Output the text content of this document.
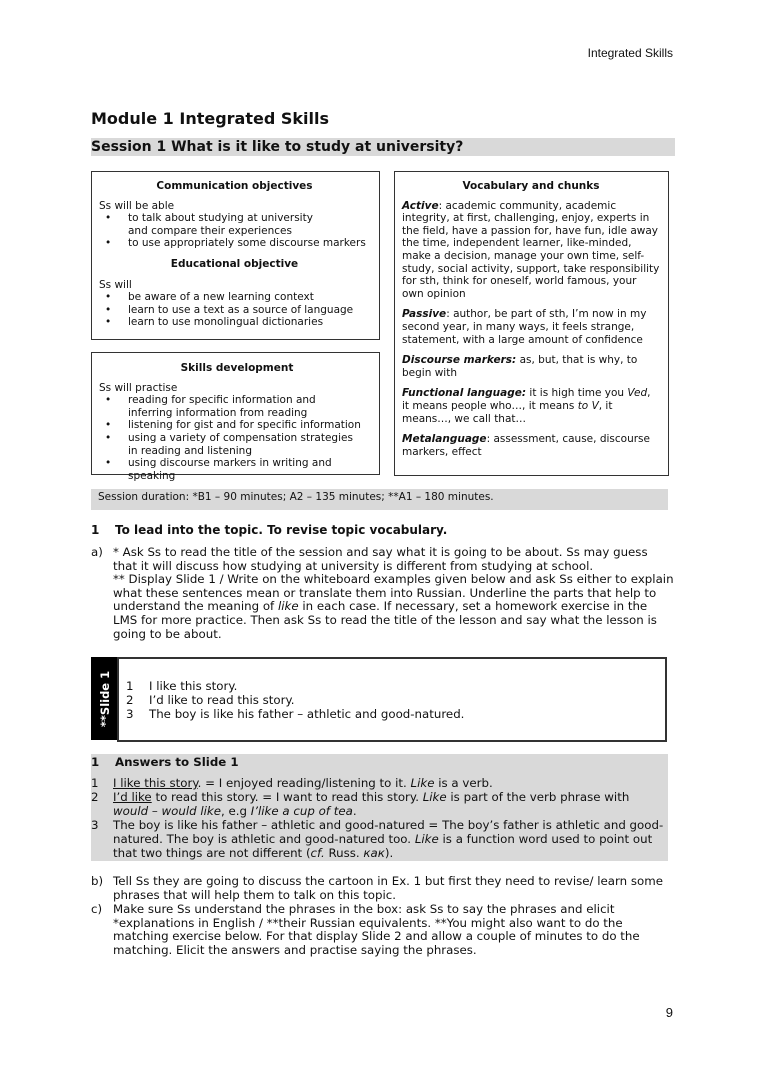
Integrated Skills
Module 1 Integrated Skills
Session 1 What is it like to study at university?
Communication objectives

Ss will be able

• to talk about studying at university and compare their experiences
• to use appropriately some discourse markers
Educational objective

Ss will

• be aware of a new learning context
• learn to use a text as a source of language
• learn to use monolingual dictionaries
Skills development

Ss will practise

• reading for specific information and inferring information from reading
• listening for gist and for specific information
• using a variety of compensation strategies in reading and listening
• using discourse markers in writing and speaking
Vocabulary and chunks

Active: academic community, academic integrity, at first, challenging, enjoy, experts in the field, have a passion for, have fun, idle away the time, independent learner, like-minded, make a decision, manage your own time, self-study, social activity, support, take responsibility for sth, think for oneself, world famous, your own opinion

Passive: author, be part of sth, I’m now in my second year, in many ways, it feels strange, statement, with a large amount of confidence

Discourse markers: as, but, that is why, to begin with

Functional language: it is high time you Ved, it means people who…, it means to V, it means…, we call that…

Metalanguage: assessment, cause, discourse markers, effect

Session duration: *B1 – 90 minutes; A2 – 135 minutes; **A1 – 180 minutes.
1 To lead into the topic. To revise topic vocabulary.
a) * Ask Ss to read the title of the session and say what it is going to be about. Ss may guess that it will discuss how studying at university is different from studying at school.
** Display Slide 1 / Write on the whiteboard examples given below and ask Ss either to explain what these sentences mean or translate them into Russian. Underline the parts that help to understand the meaning of like in each case. If necessary, set a homework exercise in the LMS for more practice. Then ask Ss to read the title of the lesson and say what the lesson is going to be about.
**Slide 1 1 I like this story.
2 I’d like to read this story.
3 The boy is like his father – athletic and good-natured.
1 Answers to Slide 1
1 I like this story. = I enjoyed reading/listening to it. Like is a verb.
2 I’d like to read this story. = I want to read this story. Like is part of the verb phrase with would – would like, e.g I’like a cup of tea.
3 The boy is like his father – athletic and good-natured = The boy’s father is athletic and good-natured. The boy is athletic and good-natured too. Like is a function word used to point out that two things are not different (cf. Russ. как).
b) Tell Ss they are going to discuss the cartoon in Ex. 1 but first they need to revise/ learn some phrases that will help them to talk on this topic.
c) Make sure Ss understand the phrases in the box: ask Ss to say the phrases and elicit *explanations in English / **their Russian equivalents. **You might also want to do the matching exercise below. For that display Slide 2 and allow a couple of minutes to do the matching. Elicit the answers and practise saying the phrases.
9
